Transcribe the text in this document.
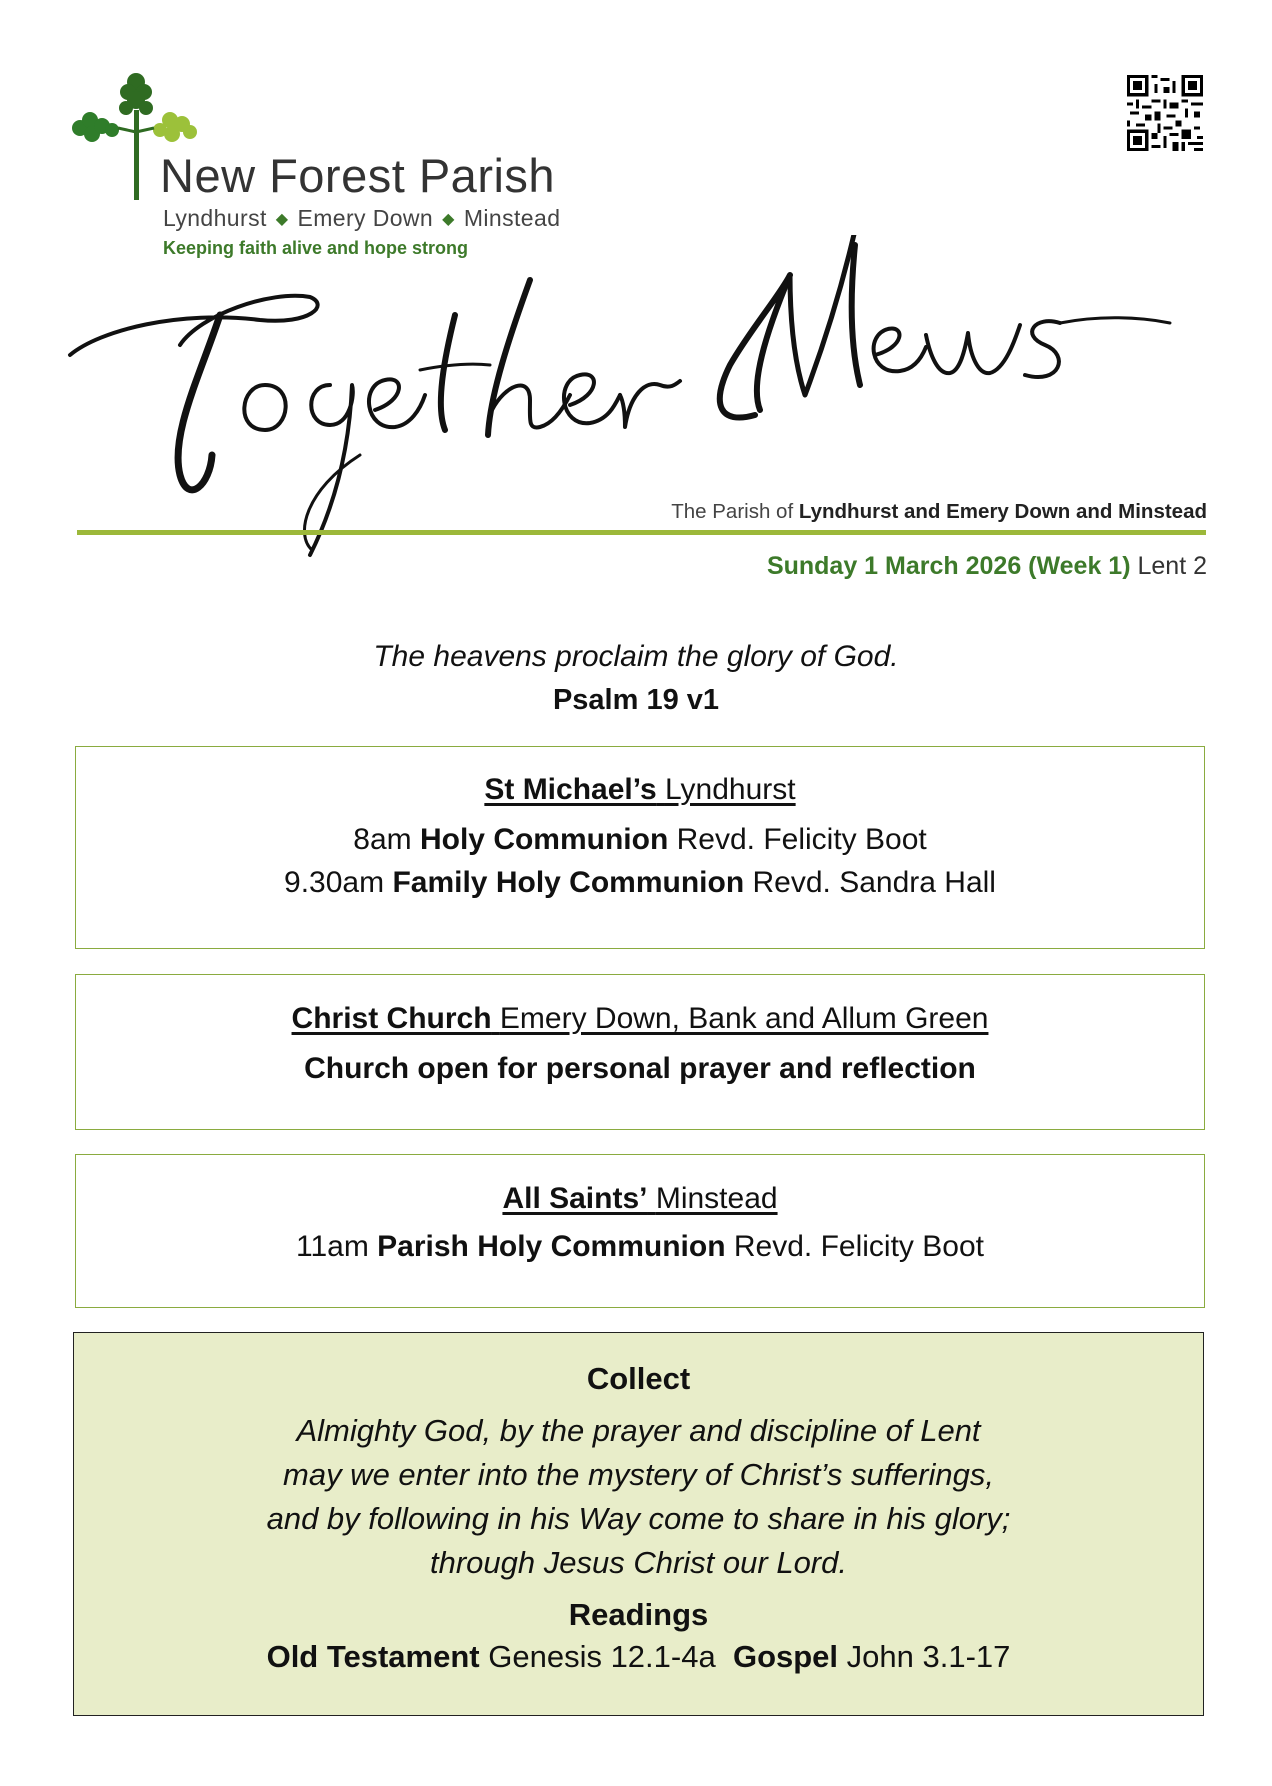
New Forest Parish
Lyndhurst ◆ Emery Down ◆ Minstead
Keeping faith alive and hope strong
The Parish of Lyndhurst and Emery Down and Minstead
Sunday 1 March 2026 (Week 1) Lent 2
The heavens proclaim the glory of God.
Psalm 19 v1
St Michael’s Lyndhurst
8am Holy Communion Revd. Felicity Boot
9.30am Family Holy Communion Revd. Sandra Hall
Christ Church Emery Down, Bank and Allum Green
Church open for personal prayer and reflection
All Saints’ Minstead
11am Parish Holy Communion Revd. Felicity Boot
Collect
Almighty God, by the prayer and discipline of Lent
may we enter into the mystery of Christ’s sufferings,
and by following in his Way come to share in his glory;
through Jesus Christ our Lord.
Readings
Old Testament Genesis 12.1-4a Gospel John 3.1-17
